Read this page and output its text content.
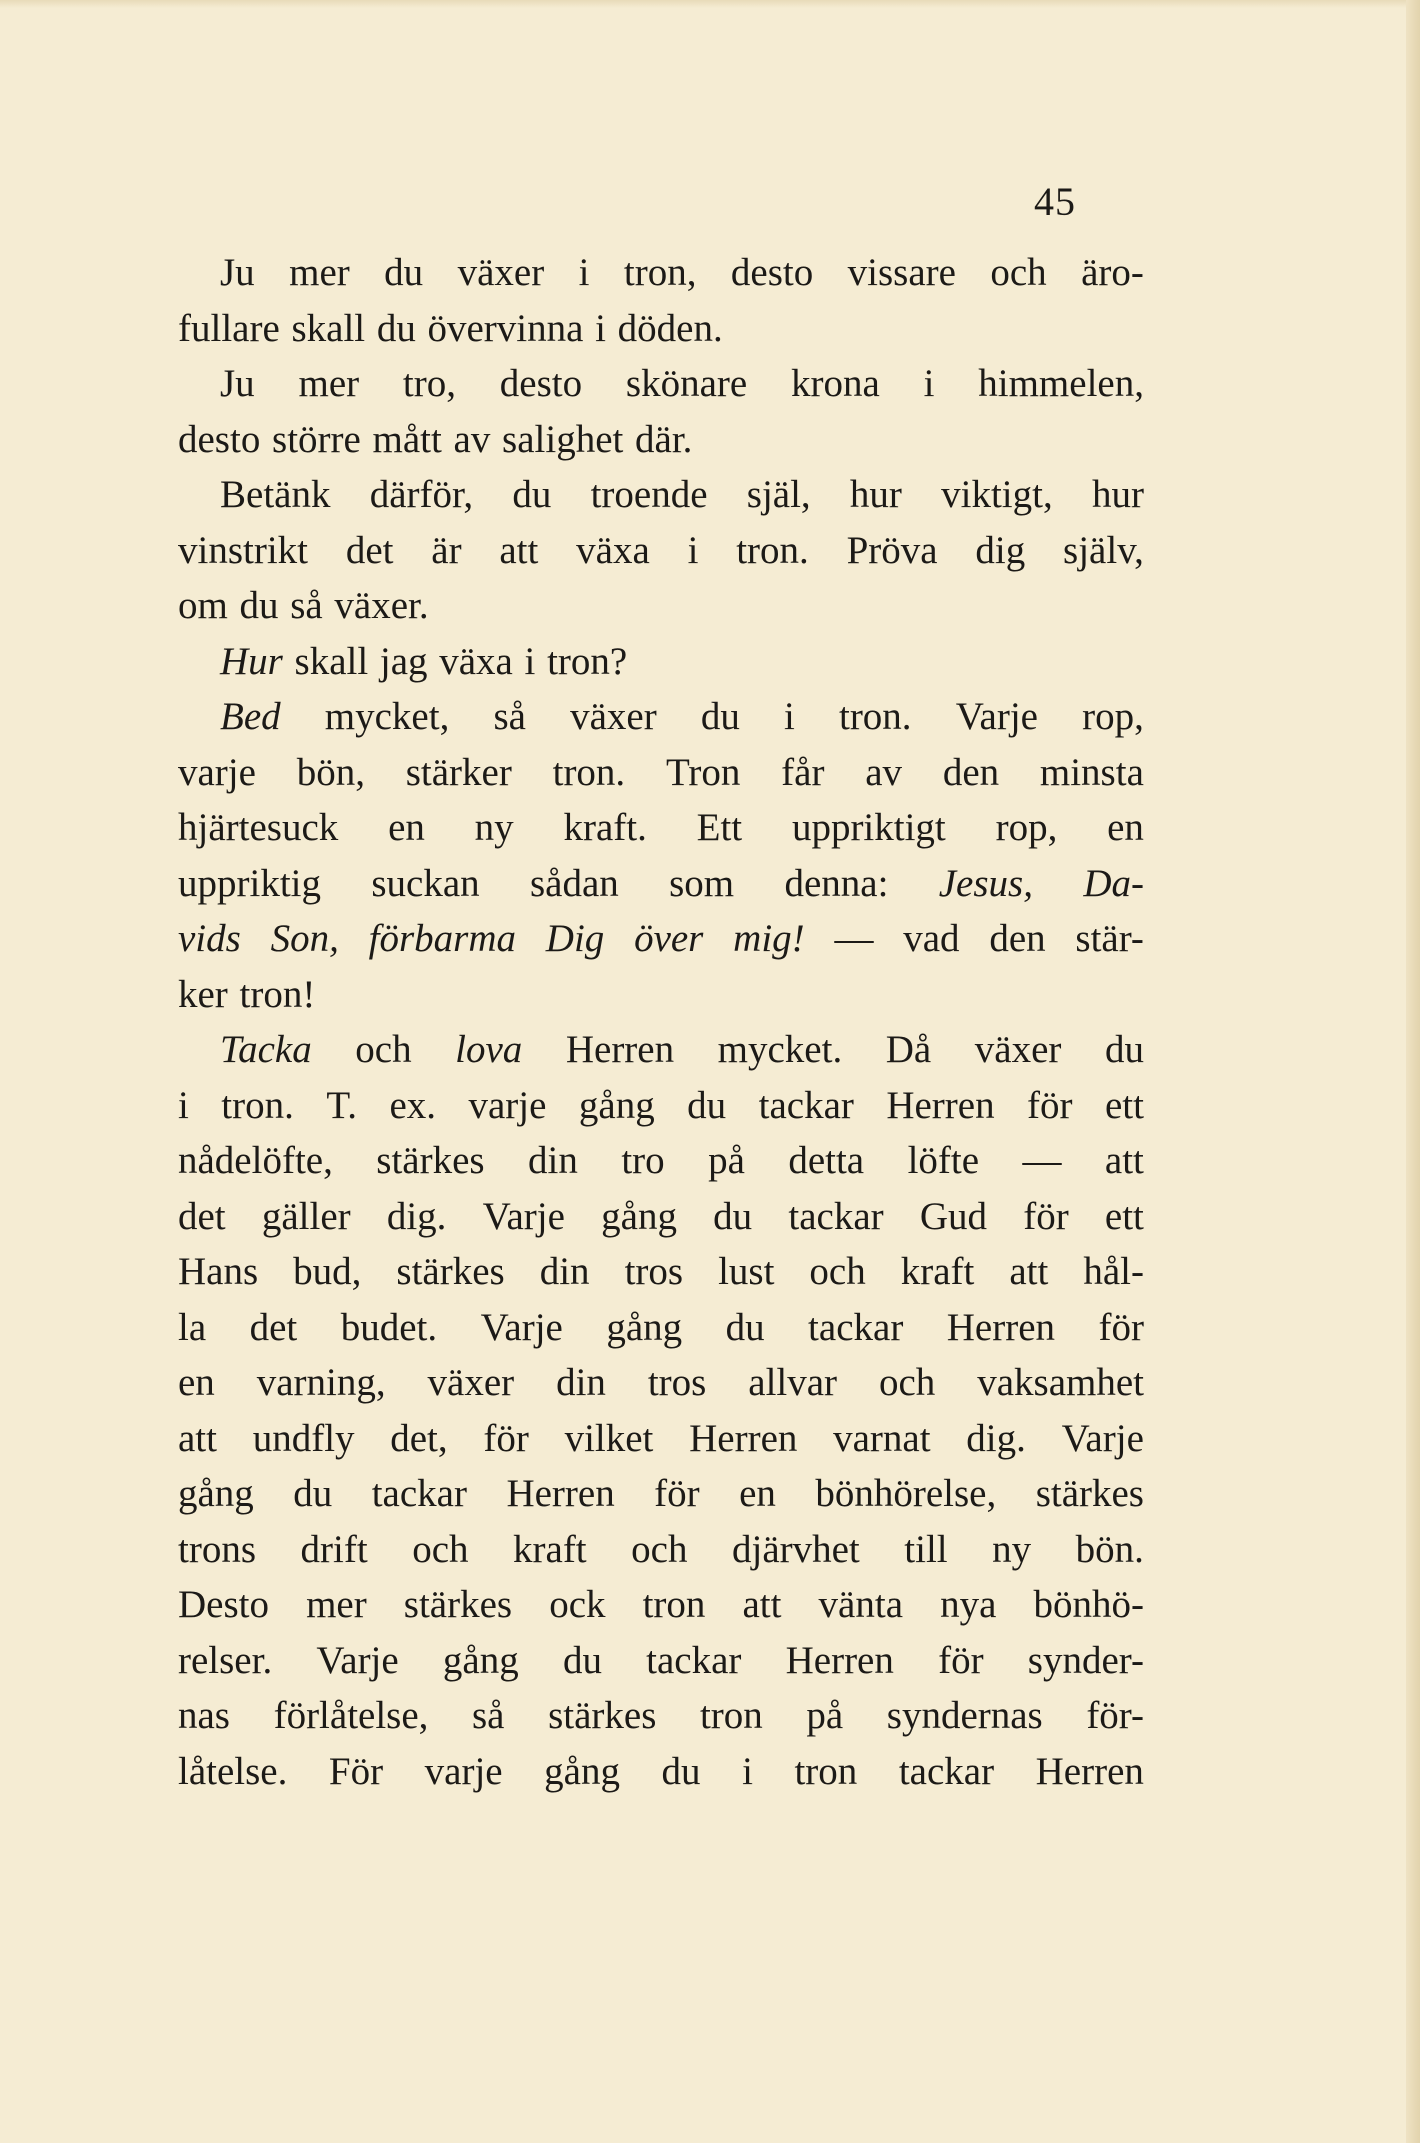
45
Ju mer du växer i tron, desto vissare och äro-
fullare skall du övervinna i döden.
Ju mer tro, desto skönare krona i himmelen,
desto större mått av salighet där.
Betänk därför, du troende själ, hur viktigt, hur
vinstrikt det är att växa i tron. Pröva dig själv,
om du så växer.
Hur skall jag växa i tron?
Bed mycket, så växer du i tron. Varje rop,
varje bön, stärker tron. Tron får av den minsta
hjärtesuck en ny kraft. Ett uppriktigt rop, en
uppriktig suckan sådan som denna: Jesus, Da-
vids Son, förbarma Dig över mig! — vad den stär-
ker tron!
Tacka och lova Herren mycket. Då växer du
i tron. T. ex. varje gång du tackar Herren för ett
nådelöfte, stärkes din tro på detta löfte — att
det gäller dig. Varje gång du tackar Gud för ett
Hans bud, stärkes din tros lust och kraft att hål-
la det budet. Varje gång du tackar Herren för
en varning, växer din tros allvar och vaksamhet
att undfly det, för vilket Herren varnat dig. Varje
gång du tackar Herren för en bönhörelse, stärkes
trons drift och kraft och djärvhet till ny bön.
Desto mer stärkes ock tron att vänta nya bönhö-
relser. Varje gång du tackar Herren för synder-
nas förlåtelse, så stärkes tron på syndernas för-
låtelse. För varje gång du i tron tackar Herren
